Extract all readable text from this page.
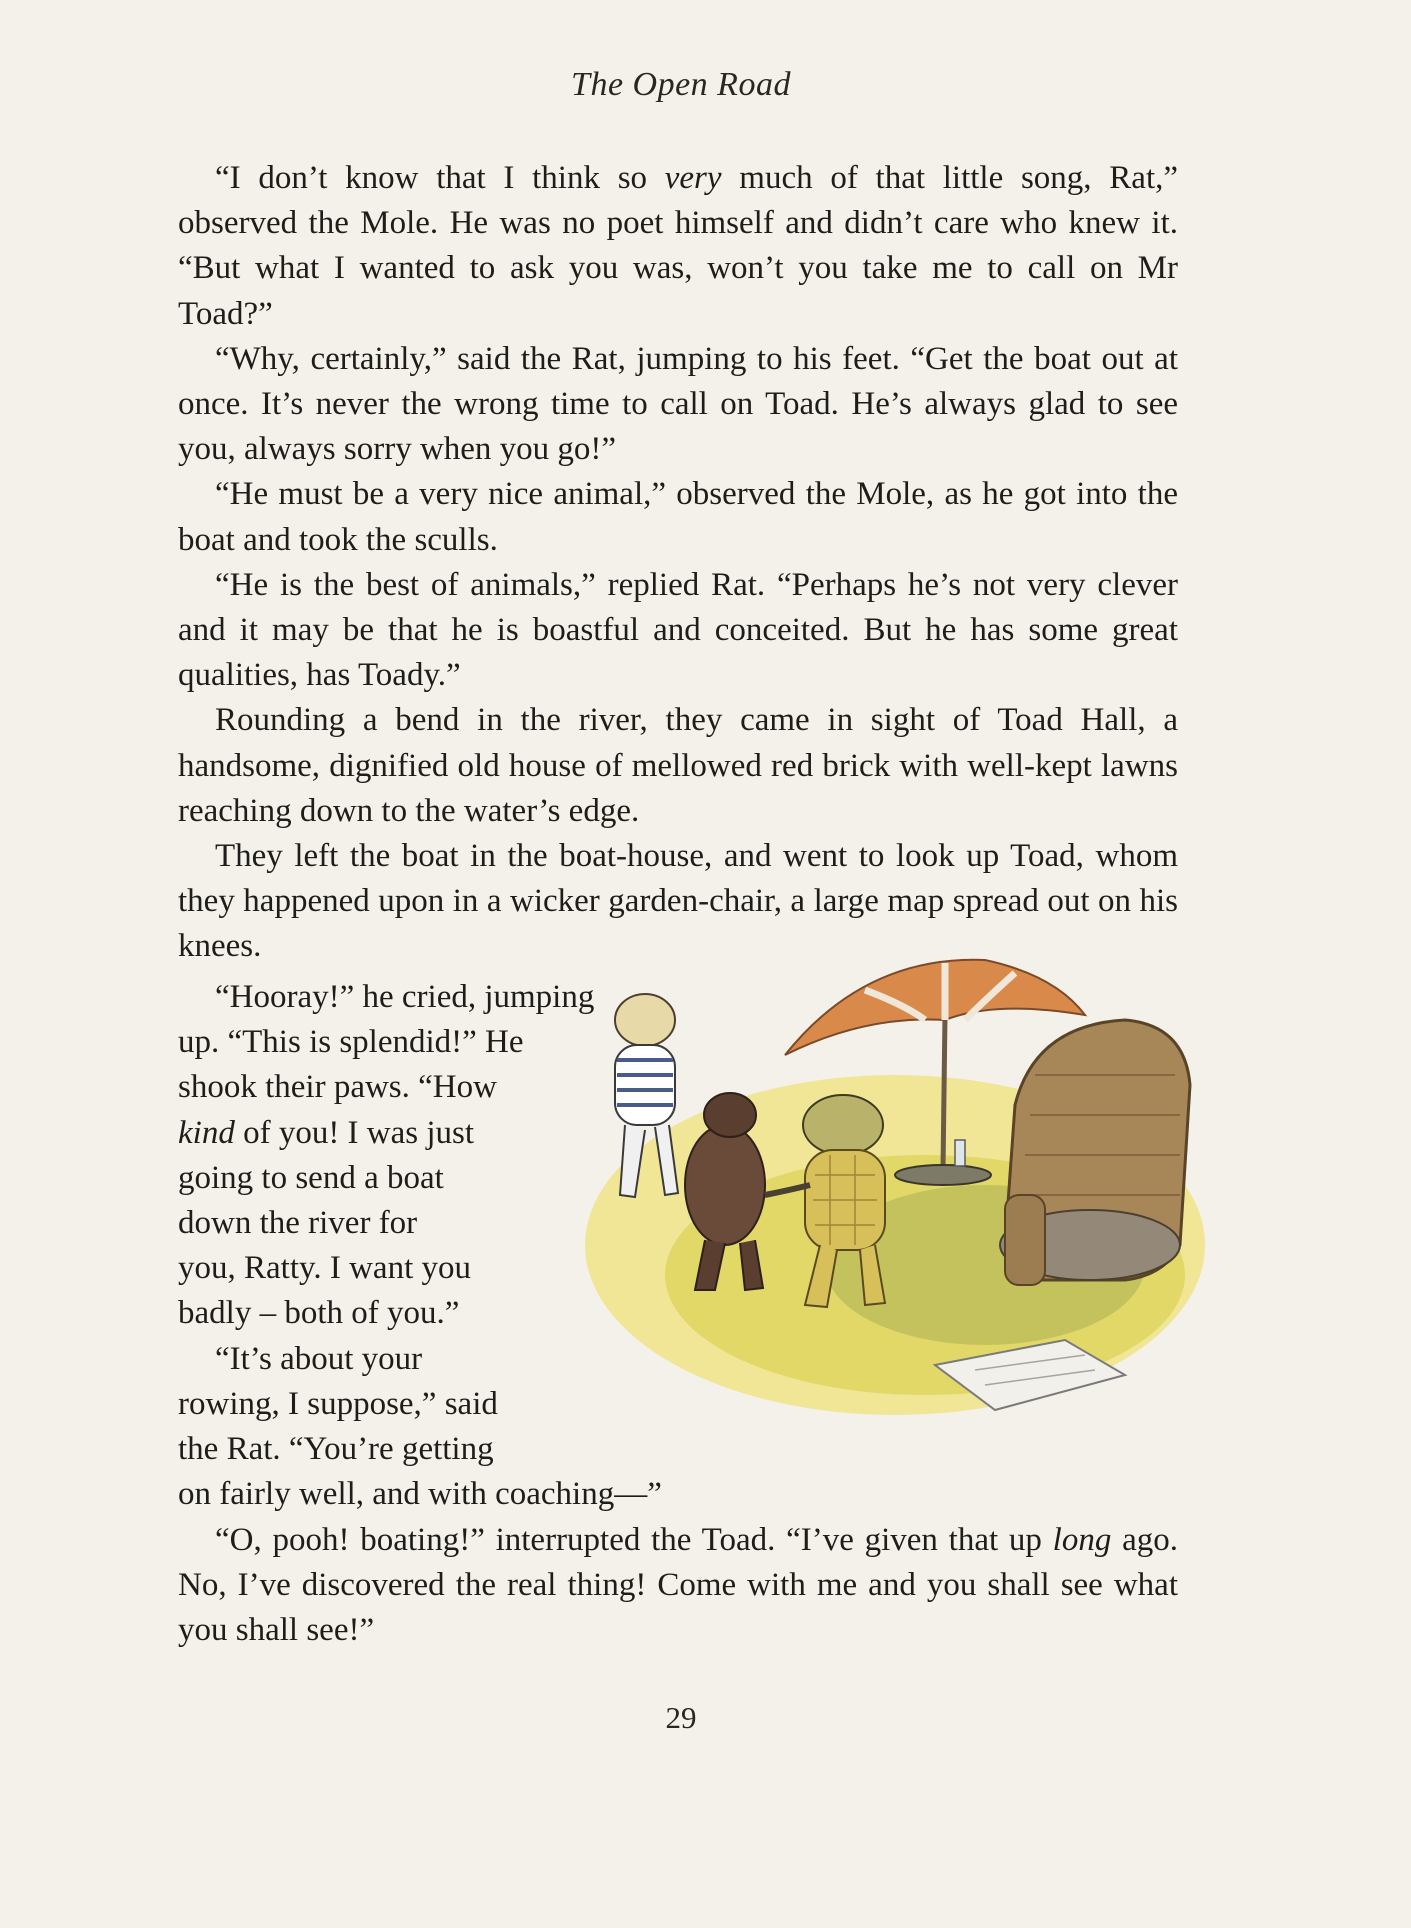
The Open Road

“I don’t know that I think so very much of that little song, Rat,” observed the Mole. He was no poet himself and didn’t care who knew it. “But what I wanted to ask you was, won’t you take me to call on Mr Toad?”

“Why, certainly,” said the Rat, jumping to his feet. “Get the boat out at once. It’s never the wrong time to call on Toad. He’s always glad to see you, always sorry when you go!”

“He must be a very nice animal,” observed the Mole, as he got into the boat and took the sculls.

“He is the best of animals,” replied Rat. “Perhaps he’s not very clever and it may be that he is boastful and conceited. But he has some great qualities, has Toady.”

Rounding a bend in the river, they came in sight of Toad Hall, a handsome, dignified old house of mellowed red brick with well-kept lawns reaching down to the water’s edge.

They left the boat in the boat-house, and went to look up Toad, whom they happened upon in a wicker garden-chair, a large map spread out on his knees.

“Hooray!” he cried, jumping
up. “This is splendid!” He
shook their paws. “How
kind of you! I was just
going to send a boat
down the river for
you, Ratty. I want you
badly – both of you.”
“It’s about your
rowing, I suppose,” said
the Rat. “You’re getting
on fairly well, and with coaching—”

“O, pooh! boating!” interrupted the Toad. “I’ve given that up long ago. No, I’ve discovered the real thing! Come with me and you shall see what you shall see!”

29
